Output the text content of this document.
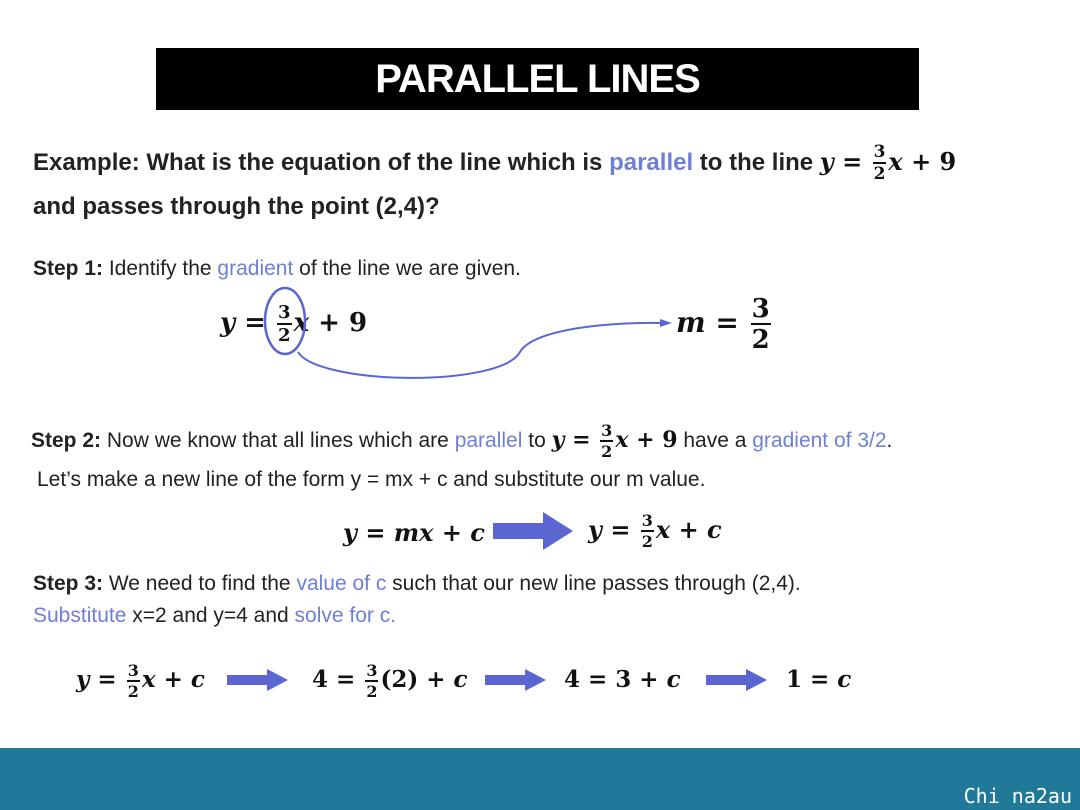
PARALLEL LINES
Example: What is the equation of the line which is parallel to the line $y = \frac{3}{2}$ x + 9
and passes through the point (2,4)?
Step 1: Identify the gradient of the line we are given.
$y = \frac{3}{2}$ x + 9	$m = \frac{3}{2}$
Step 2: Now we know that all lines which are parallel to $y = \frac{3}{2}$ x + 9 have a gradient of 3/2.
Let’s make a new line of the form y = mx + c and substitute our m value.
y = mx + c	$y = \frac{3}{2}$ x + c
Step 3: We need to find the value of c such that our new line passes through (2,4).
Substitute x=2 and y=4 and solve for c.
$y = \frac{3}{2}$ x + c	$4 = \frac{3}{2} (2) + c$	4 = 3 + c	1 = c
Chi na2au
